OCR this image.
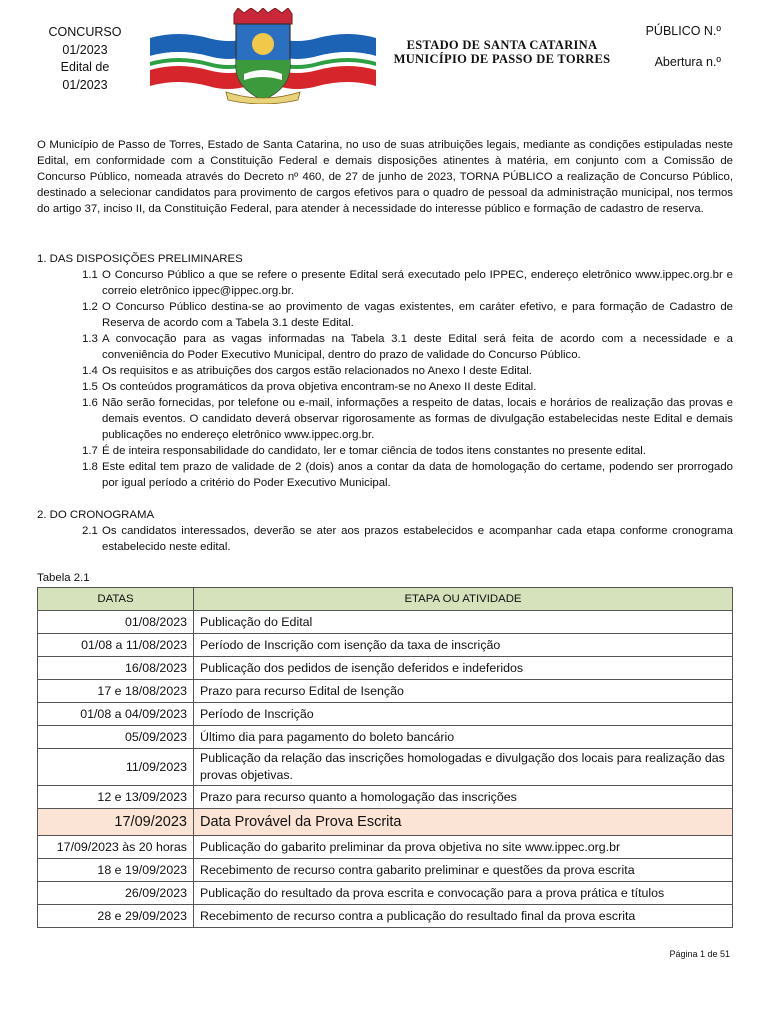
CONCURSO
01/2023
Edital de
01/2023
ESTADO DE SANTA CATARINA
MUNICÍPIO DE PASSO DE TORRES
PÚBLICO N.º
Abertura n.º
O Município de Passo de Torres, Estado de Santa Catarina, no uso de suas atribuições legais, mediante as condições estipuladas neste Edital, em conformidade com a Constituição Federal e demais disposições atinentes à matéria, em conjunto com a Comissão de Concurso Público, nomeada através do Decreto nº 460, de 27 de junho de 2023, TORNA PÚBLICO a realização de Concurso Público, destinado a selecionar candidatos para provimento de cargos efetivos para o quadro de pessoal da administração municipal, nos termos do artigo 37, inciso II, da Constituição Federal, para atender à necessidade do interesse público e formação de cadastro de reserva.
1. DAS DISPOSIÇÕES PRELIMINARES
1.1 O Concurso Público a que se refere o presente Edital será executado pelo IPPEC, endereço eletrônico www.ippec.org.br e correio eletrônico ippec@ippec.org.br.
1.2 O Concurso Público destina-se ao provimento de vagas existentes, em caráter efetivo, e para formação de Cadastro de Reserva de acordo com a Tabela 3.1 deste Edital.
1.3 A convocação para as vagas informadas na Tabela 3.1 deste Edital será feita de acordo com a necessidade e a conveniência do Poder Executivo Municipal, dentro do prazo de validade do Concurso Público.
1.4 Os requisitos e as atribuições dos cargos estão relacionados no Anexo I deste Edital.
1.5 Os conteúdos programáticos da prova objetiva encontram-se no Anexo II deste Edital.
1.6 Não serão fornecidas, por telefone ou e-mail, informações a respeito de datas, locais e horários de realização das provas e demais eventos. O candidato deverá observar rigorosamente as formas de divulgação estabelecidas neste Edital e demais publicações no endereço eletrônico www.ippec.org.br.
1.7 É de inteira responsabilidade do candidato, ler e tomar ciência de todos itens constantes no presente edital.
1.8 Este edital tem prazo de validade de 2 (dois) anos a contar da data de homologação do certame, podendo ser prorrogado por igual período a critério do Poder Executivo Municipal.
2. DO CRONOGRAMA
2.1 Os candidatos interessados, deverão se ater aos prazos estabelecidos e acompanhar cada etapa conforme cronograma estabelecido neste edital.
Tabela 2.1
DATAS	ETAPA OU ATIVIDADE
01/08/2023	Publicação do Edital
01/08 a 11/08/2023	Período de Inscrição com isenção da taxa de inscrição
16/08/2023	Publicação dos pedidos de isenção deferidos e indeferidos
17 e 18/08/2023	Prazo para recurso Edital de Isenção
01/08 a 04/09/2023	Período de Inscrição
05/09/2023	Último dia para pagamento do boleto bancário
11/09/2023	Publicação da relação das inscrições homologadas e divulgação dos locais para realização das provas objetivas.
12 e 13/09/2023	Prazo para recurso quanto a homologação das inscrições
17/09/2023	Data Provável da Prova Escrita
17/09/2023 às 20 horas	Publicação do gabarito preliminar da prova objetiva no site www.ippec.org.br
18 e 19/09/2023	Recebimento de recurso contra gabarito preliminar e questões da prova escrita
26/09/2023	Publicação do resultado da prova escrita e convocação para a prova prática e títulos
28 e 29/09/2023	Recebimento de recurso contra a publicação do resultado final da prova escrita
Página 1 de 51
